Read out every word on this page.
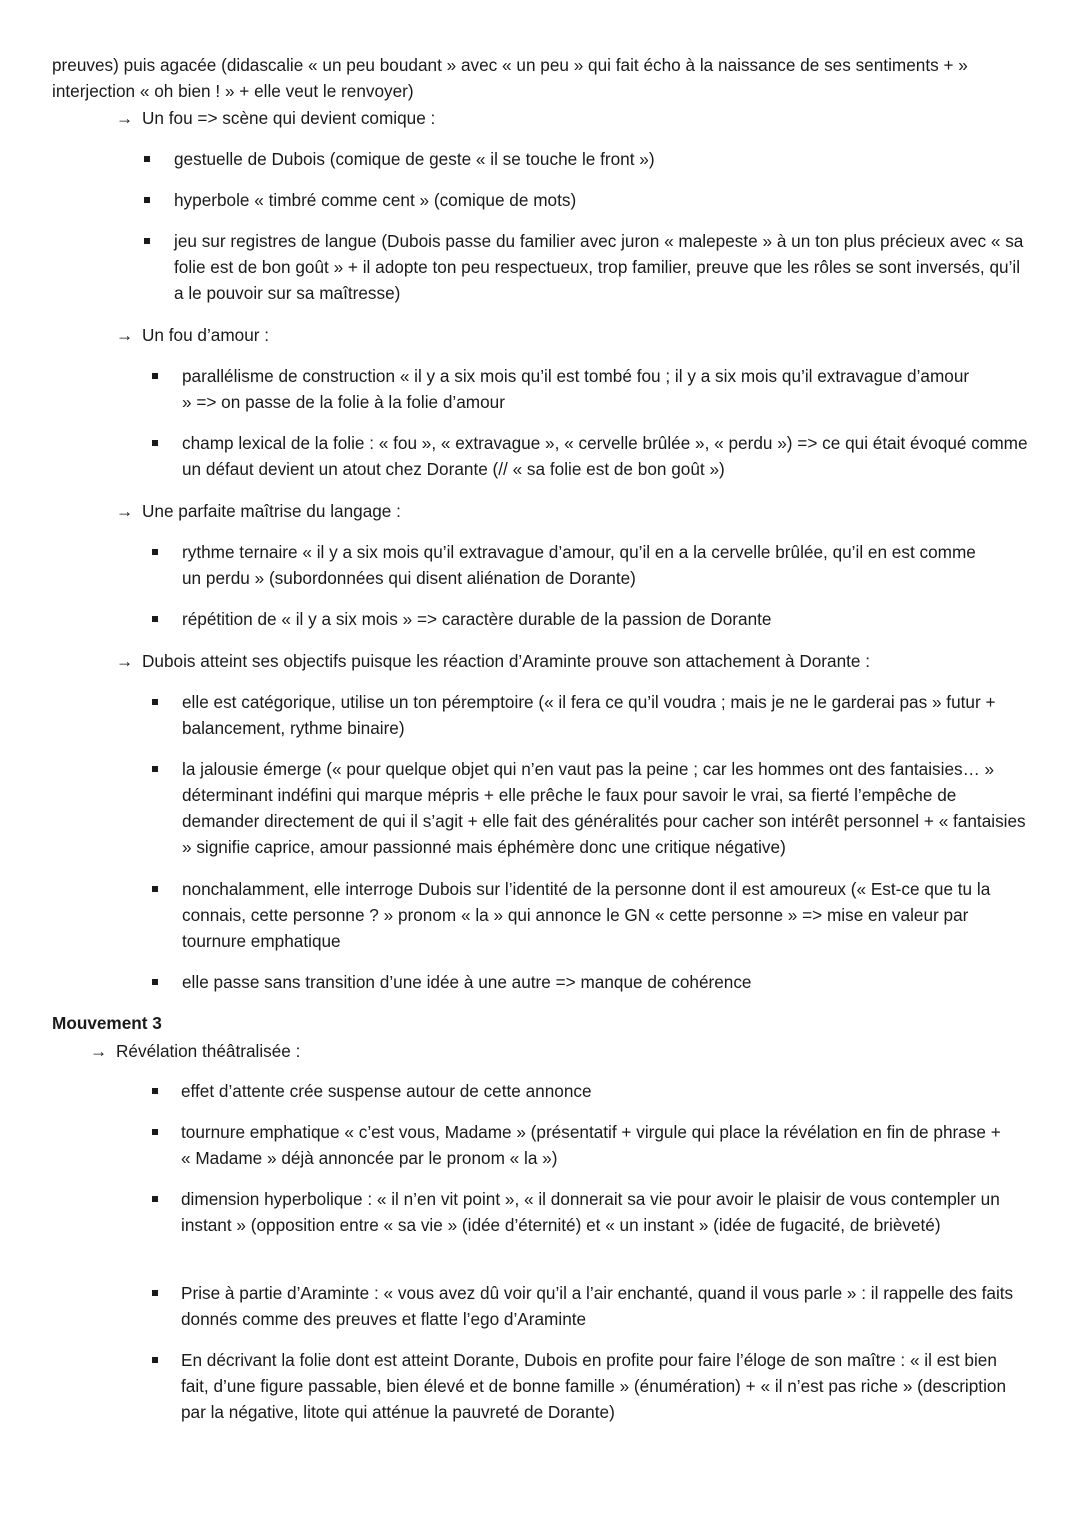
preuves) puis agacée (didascalie « un peu boudant » avec « un peu » qui fait écho à la naissance de ses sentiments + »
interjection « oh bien ! » + elle veut le renvoyer)
→ Un fou => scène qui devient comique :
gestuelle de Dubois (comique de geste « il se touche le front »)
hyperbole « timbré comme cent » (comique de mots)
jeu sur registres de langue (Dubois passe du familier avec juron « malepeste » à un ton plus précieux avec « sa folie est de bon goût » + il adopte ton peu respectueux, trop familier, preuve que les rôles se sont inversés, qu’il a le pouvoir sur sa maîtresse)
→ Un fou d’amour :
parallélisme de construction « il y a six mois qu’il est tombé fou ; il y a six mois qu’il extravague d’amour » => on passe de la folie à la folie d’amour
champ lexical de la folie : « fou », « extravague », « cervelle brûlée », « perdu ») => ce qui était évoqué comme un défaut devient un atout chez Dorante (// « sa folie est de bon goût »)
→ Une parfaite maîtrise du langage :
rythme ternaire « il y a six mois qu’il extravague d’amour, qu’il en a la cervelle brûlée, qu’il en est comme un perdu » (subordonnées qui disent aliénation de Dorante)
répétition de « il y a six mois » => caractère durable de la passion de Dorante
→ Dubois atteint ses objectifs puisque les réaction d’Araminte prouve son attachement à Dorante :
elle est catégorique, utilise un ton péremptoire (« il fera ce qu’il voudra ; mais je ne le garderai pas » futur + balancement, rythme binaire)
la jalousie émerge (« pour quelque objet qui n’en vaut pas la peine ; car les hommes ont des fantaisies… » déterminant indéfini qui marque mépris + elle prêche le faux pour savoir le vrai, sa fierté l’empêche de demander directement de qui il s’agit + elle fait des généralités pour cacher son intérêt personnel + « fantaisies » signifie caprice, amour passionné mais éphémère donc une critique négative)
nonchalamment, elle interroge Dubois sur l’identité de la personne dont il est amoureux (« Est-ce que tu la connais, cette personne ? » pronom « la » qui annonce le GN « cette personne » => mise en valeur par tournure emphatique
elle passe sans transition d’une idée à une autre => manque de cohérence
Mouvement 3
→ Révélation théâtralisée :
effet d’attente crée suspense autour de cette annonce
tournure emphatique « c’est vous, Madame » (présentatif + virgule qui place la révélation en fin de phrase + « Madame » déjà annoncée par le pronom « la »)
dimension hyperbolique : « il n’en vit point », « il donnerait sa vie pour avoir le plaisir de vous contempler un instant » (opposition entre « sa vie » (idée d’éternité) et « un instant » (idée de fugacité, de brièveté)
Prise à partie d’Araminte : « vous avez dû voir qu’il a l’air enchanté, quand il vous parle » : il rappelle des faits donnés comme des preuves et flatte l’ego d’Araminte
En décrivant la folie dont est atteint Dorante, Dubois en profite pour faire l’éloge de son maître : « il est bien fait, d’une figure passable, bien élevé et de bonne famille » (énumération) + « il n’est pas riche » (description par la négative, litote qui atténue la pauvreté de Dorante)
